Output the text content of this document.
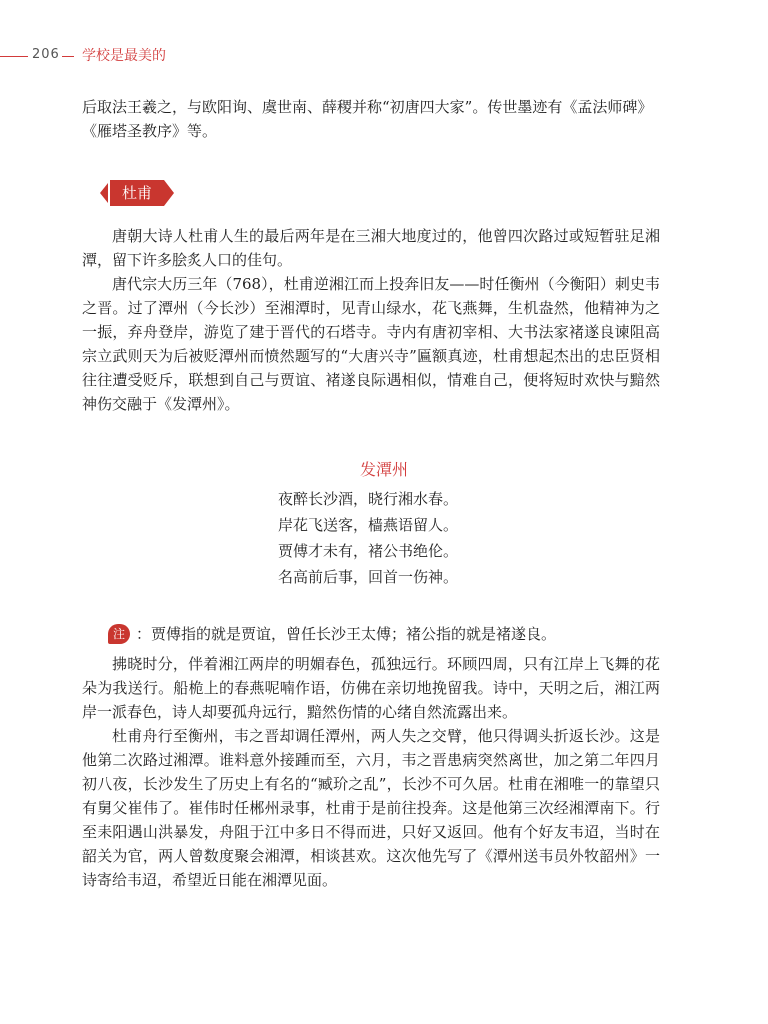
206 学校是最美的

后取法王羲之，与欧阳询、虞世南、薛稷并称“初唐四大家”。传世墨迹有《孟法师碑》

《雁塔圣教序》等。

杜甫

唐朝大诗人杜甫人生的最后两年是在三湘大地度过的，他曾四次路过或短暂驻足湘潭，留下许多脍炙人口的佳句。

唐代宗大历三年（768），杜甫逆湘江而上投奔旧友——时任衡州（今衡阳）刺史韦之晋。过了潭州（今长沙）至湘潭时，见青山绿水，花飞燕舞，生机盎然，他精神为之一振，弃舟登岸，游览了建于晋代的石塔寺。寺内有唐初宰相、大书法家褚遂良谏阻高宗立武则天为后被贬潭州而愤然题写的“大唐兴寺”匾额真迹，杜甫想起杰出的忠臣贤相往往遭受贬斥，联想到自己与贾谊、褚遂良际遇相似，情难自己，便将短时欢快与黯然神伤交融于《发潭州》。

发潭州
夜醉长沙酒，晓行湘水春。
岸花飞送客，樯燕语留人。
贾傅才未有，褚公书绝伦。
名高前后事，回首一伤神。
注 ：贾傅指的就是贾谊，曾任长沙王太傅；褚公指的就是褚遂良。

拂晓时分，伴着湘江两岸的明媚春色，孤独远行。环顾四周，只有江岸上飞舞的花朵为我送行。船桅上的春燕呢喃作语，仿佛在亲切地挽留我。诗中，天明之后，湘江两岸一派春色，诗人却要孤舟远行，黯然伤情的心绪自然流露出来。

杜甫舟行至衡州，韦之晋却调任潭州，两人失之交臂，他只得调头折返长沙。这是他第二次路过湘潭。谁料意外接踵而至，六月，韦之晋患病突然离世，加之第二年四月初八夜，长沙发生了历史上有名的“臧玠之乱”，长沙不可久居。杜甫在湘唯一的靠望只有舅父崔伟了。崔伟时任郴州录事，杜甫于是前往投奔。这是他第三次经湘潭南下。行至耒阳遇山洪暴发，舟阻于江中多日不得而进，只好又返回。他有个好友韦迢，当时在韶关为官，两人曾数度聚会湘潭，相谈甚欢。这次他先写了《潭州送韦员外牧韶州》一诗寄给韦迢，希望近日能在湘潭见面。
